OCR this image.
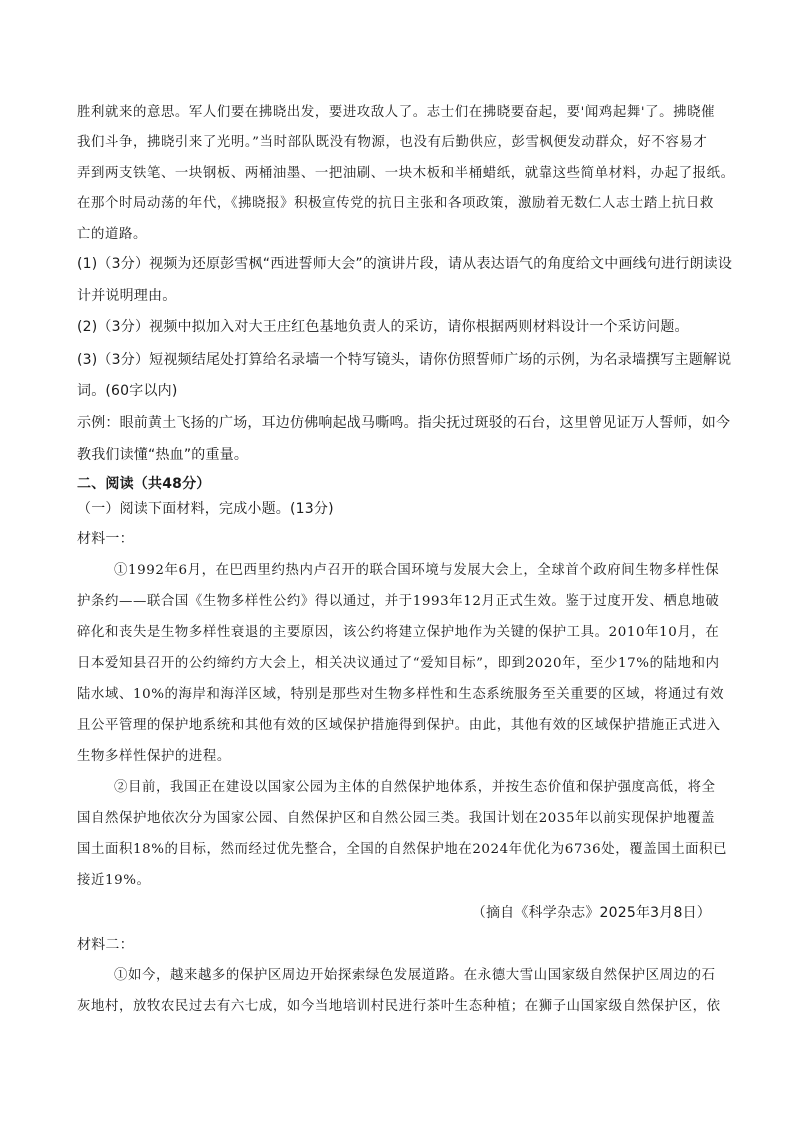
胜利就来的意思。军人们要在拂晓出发，要进攻敌人了。志士们在拂晓要奋起，要'闻鸡起舞'了。拂晓催
我们斗争，拂晓引来了光明。”当时部队既没有物源，也没有后勤供应，彭雪枫便发动群众，好不容易才
弄到两支铁笔、一块钢板、两桶油墨、一把油刷、一块木板和半桶蜡纸，就靠这些简单材料，办起了报纸。
在那个时局动荡的年代，《拂晓报》积极宣传党的抗日主张和各项政策，激励着无数仁人志士踏上抗日救
亡的道路。
(1)（3分）视频为还原彭雪枫“西进誓师大会”的演讲片段，请从表达语气的角度给文中画线句进行朗读设
计并说明理由。
(2)（3分）视频中拟加入对大王庄红色基地负责人的采访，请你根据两则材料设计一个采访问题。
(3)（3分）短视频结尾处打算给名录墙一个特写镜头，请你仿照誓师广场的示例，为名录墙撰写主题解说
词。(60字以内)
示例：眼前黄土飞扬的广场，耳边仿佛响起战马嘶鸣。指尖抚过斑驳的石台，这里曾见证万人誓师，如今
教我们读懂“热血”的重量。
二、阅读（共48分）
（一）阅读下面材料，完成小题。(13分)
材料一：
①1992年6月，在巴西里约热内卢召开的联合国环境与发展大会上，全球首个政府间生物多样性保
护条约——联合国《生物多样性公约》得以通过，并于1993年12月正式生效。鉴于过度开发、栖息地破
碎化和丧失是生物多样性衰退的主要原因，该公约将建立保护地作为关键的保护工具。2010年10月，在
日本爱知县召开的公约缔约方大会上，相关决议通过了“爱知目标”，即到2020年，至少17%的陆地和内
陆水域、10%的海岸和海洋区域，特别是那些对生物多样性和生态系统服务至关重要的区域，将通过有效
且公平管理的保护地系统和其他有效的区域保护措施得到保护。由此，其他有效的区域保护措施正式进入
生物多样性保护的进程。
②目前，我国正在建设以国家公园为主体的自然保护地体系，并按生态价值和保护强度高低，将全
国自然保护地依次分为国家公园、自然保护区和自然公园三类。我国计划在2035年以前实现保护地覆盖
国土面积18%的目标，然而经过优先整合，全国的自然保护地在2024年优化为6736处，覆盖国土面积已
接近19%。
（摘自《科学杂志》2025年3月8日）
材料二：
①如今，越来越多的保护区周边开始探索绿色发展道路。在永德大雪山国家级自然保护区周边的石
灰地村，放牧农民过去有六七成，如今当地培训村民进行茶叶生态种植；在狮子山国家级自然保护区，依
